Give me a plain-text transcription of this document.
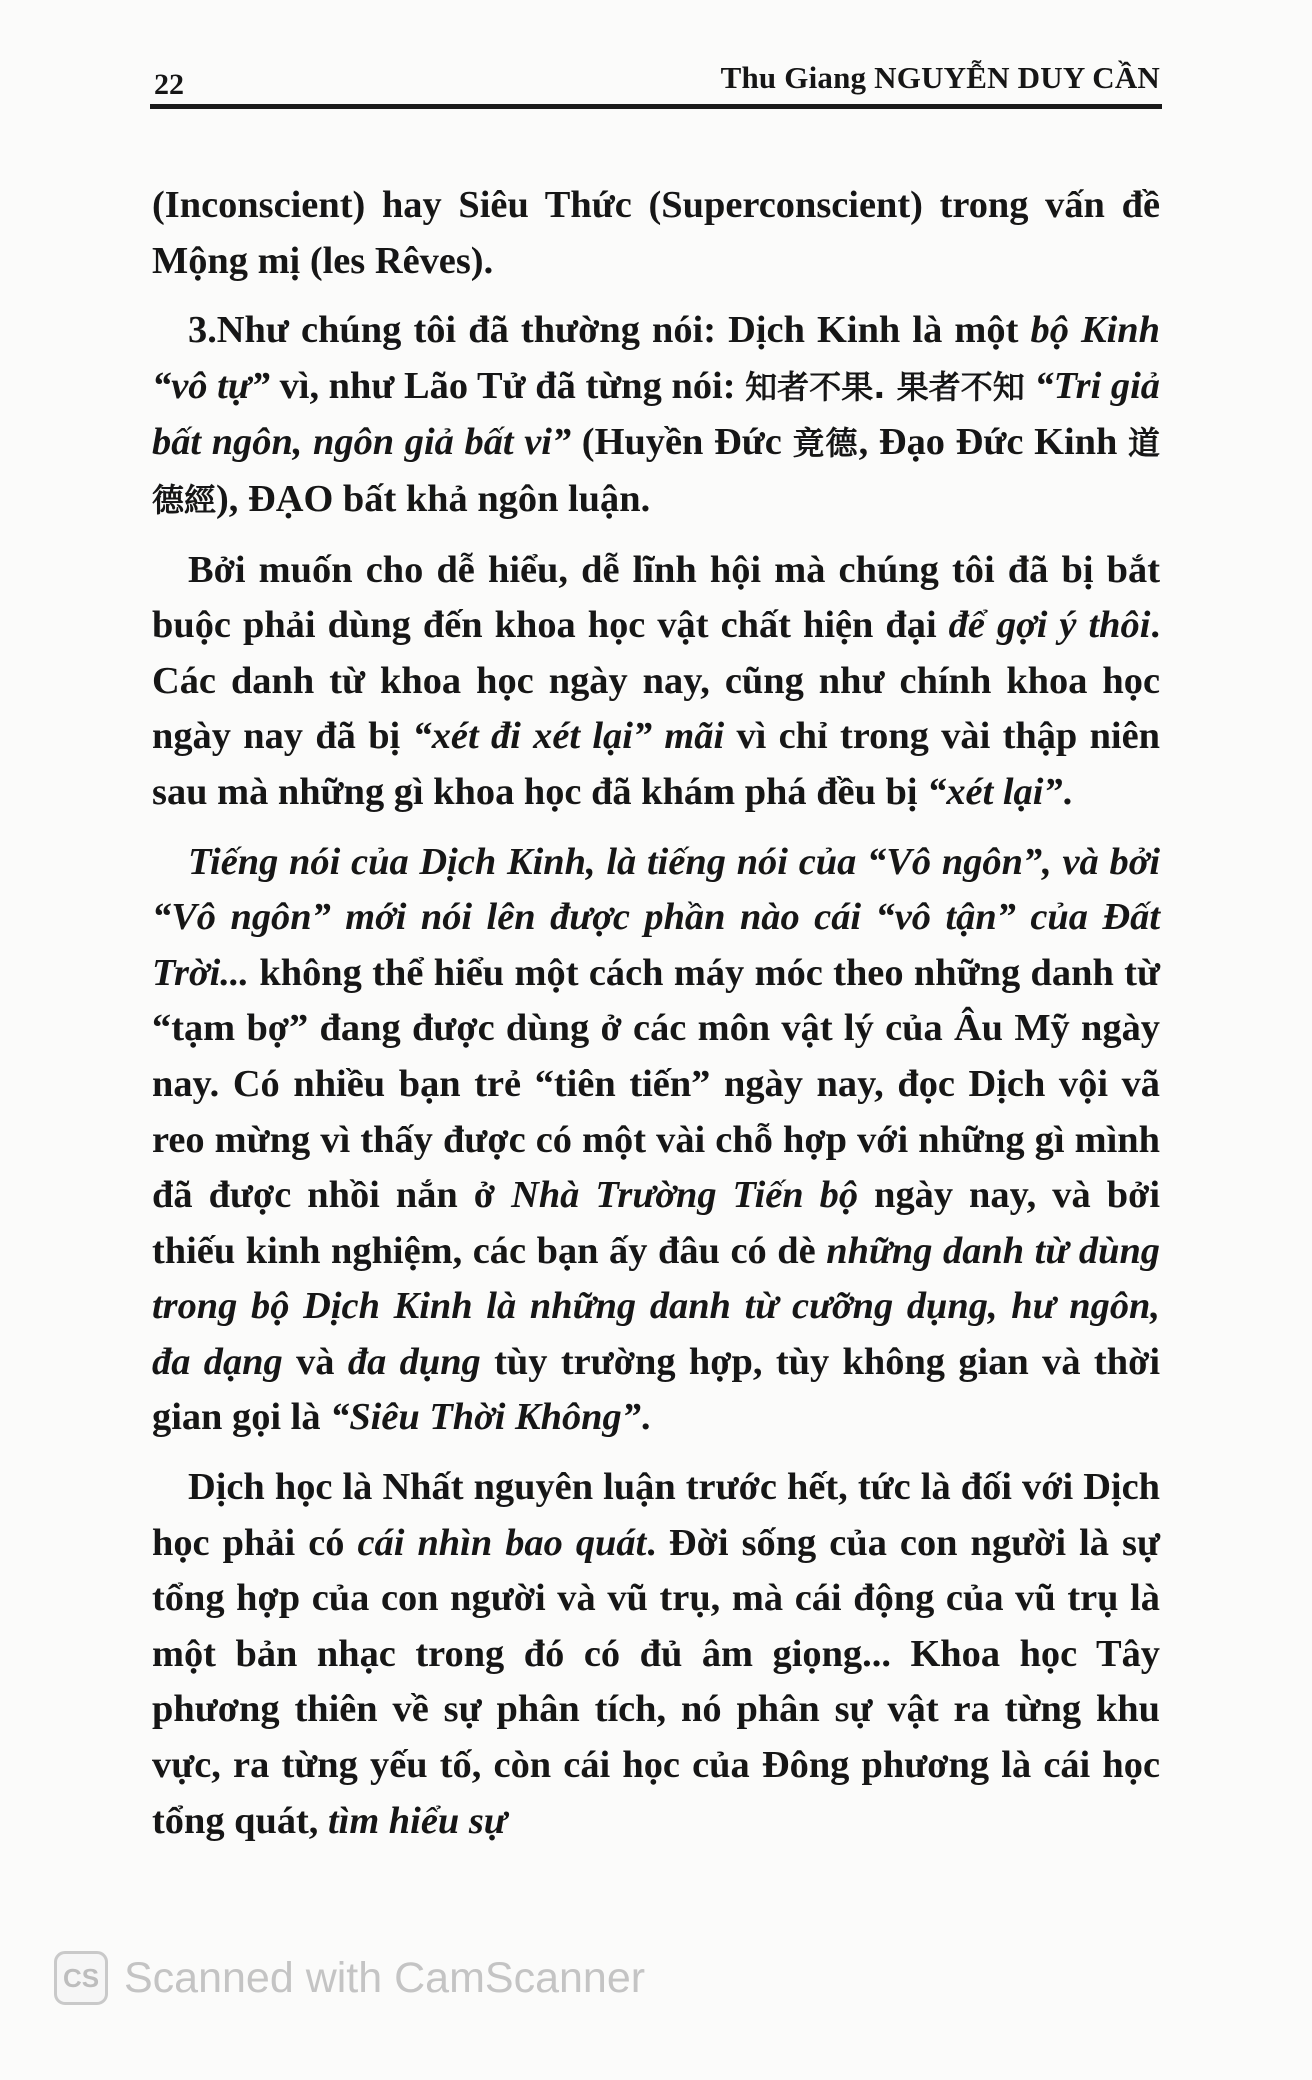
22	Thu Giang NGUYỄN DUY CẦN

(Inconscient) hay Siêu Thức (Superconscient) trong vấn đề Mộng mị (les Rêves).

3.Như chúng tôi đã thường nói: Dịch Kinh là một bộ Kinh “vô tự” vì, như Lão Tử đã từng nói: 知者不果. 果者不知 “Tri giả bất ngôn, ngôn giả bất vi” (Huyền Đức 竟德, Đạo Đức Kinh 道德經), ĐẠO bất khả ngôn luận.

Bởi muốn cho dễ hiểu, dễ lĩnh hội mà chúng tôi đã bị bắt buộc phải dùng đến khoa học vật chất hiện đại để gợi ý thôi. Các danh từ khoa học ngày nay, cũng như chính khoa học ngày nay đã bị “xét đi xét lại” mãi vì chỉ trong vài thập niên sau mà những gì khoa học đã khám phá đều bị “xét lại”.

Tiếng nói của Dịch Kinh, là tiếng nói của “Vô ngôn”, và bởi “Vô ngôn” mới nói lên được phần nào cái “vô tận” của Đất Trời... không thể hiểu một cách máy móc theo những danh từ “tạm bợ” đang được dùng ở các môn vật lý của Âu Mỹ ngày nay. Có nhiều bạn trẻ “tiên tiến” ngày nay, đọc Dịch vội vã reo mừng vì thấy được có một vài chỗ hợp với những gì mình đã được nhồi nắn ở Nhà Trường Tiến bộ ngày nay, và bởi thiếu kinh nghiệm, các bạn ấy đâu có dè những danh từ dùng trong bộ Dịch Kinh là những danh từ cưỡng dụng, hư ngôn, đa dạng và đa dụng tùy trường hợp, tùy không gian và thời gian gọi là “Siêu Thời Không”.

Dịch học là Nhất nguyên luận trước hết, tức là đối với Dịch học phải có cái nhìn bao quát. Đời sống của con người là sự tổng hợp của con người và vũ trụ, mà cái động của vũ trụ là một bản nhạc trong đó có đủ âm giọng... Khoa học Tây phương thiên về sự phân tích, nó phân sự vật ra từng khu vực, ra từng yếu tố, còn cái học của Đông phương là cái học tổng quát, tìm hiểu sự

CS Scanned with CamScanner
